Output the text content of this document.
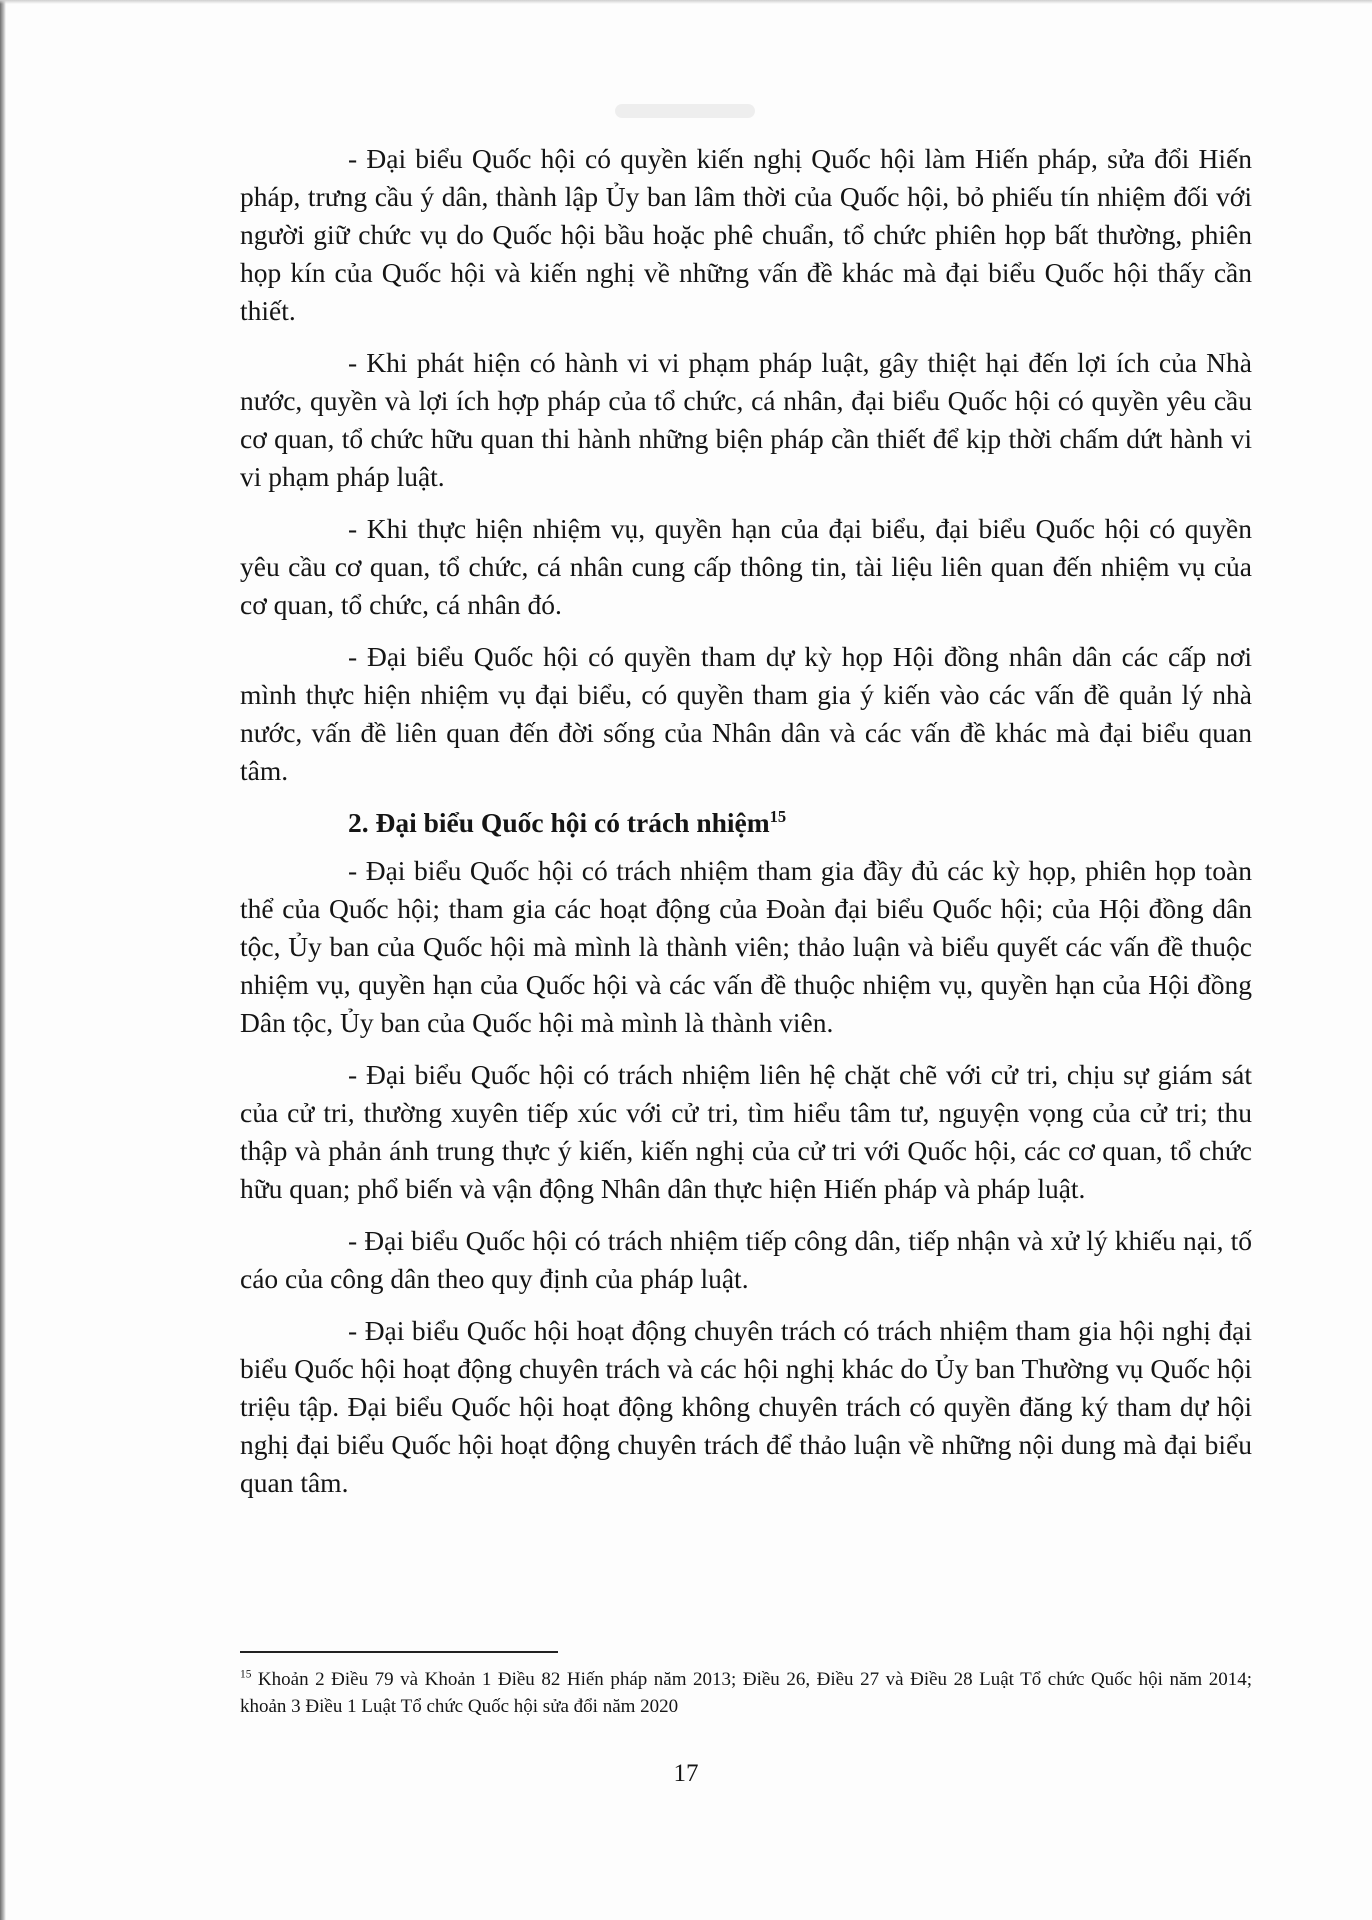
- Đại biểu Quốc hội có quyền kiến nghị Quốc hội làm Hiến pháp, sửa đổi Hiến pháp, trưng cầu ý dân, thành lập Ủy ban lâm thời của Quốc hội, bỏ phiếu tín nhiệm đối với người giữ chức vụ do Quốc hội bầu hoặc phê chuẩn, tổ chức phiên họp bất thường, phiên họp kín của Quốc hội và kiến nghị về những vấn đề khác mà đại biểu Quốc hội thấy cần thiết.

- Khi phát hiện có hành vi vi phạm pháp luật, gây thiệt hại đến lợi ích của Nhà nước, quyền và lợi ích hợp pháp của tổ chức, cá nhân, đại biểu Quốc hội có quyền yêu cầu cơ quan, tổ chức hữu quan thi hành những biện pháp cần thiết để kịp thời chấm dứt hành vi vi phạm pháp luật.

- Khi thực hiện nhiệm vụ, quyền hạn của đại biểu, đại biểu Quốc hội có quyền yêu cầu cơ quan, tổ chức, cá nhân cung cấp thông tin, tài liệu liên quan đến nhiệm vụ của cơ quan, tổ chức, cá nhân đó.

- Đại biểu Quốc hội có quyền tham dự kỳ họp Hội đồng nhân dân các cấp nơi mình thực hiện nhiệm vụ đại biểu, có quyền tham gia ý kiến vào các vấn đề quản lý nhà nước, vấn đề liên quan đến đời sống của Nhân dân và các vấn đề khác mà đại biểu quan tâm.

2. Đại biểu Quốc hội có trách nhiệm$^{15}$

- Đại biểu Quốc hội có trách nhiệm tham gia đầy đủ các kỳ họp, phiên họp toàn thể của Quốc hội; tham gia các hoạt động của Đoàn đại biểu Quốc hội; của Hội đồng dân tộc, Ủy ban của Quốc hội mà mình là thành viên; thảo luận và biểu quyết các vấn đề thuộc nhiệm vụ, quyền hạn của Quốc hội và các vấn đề thuộc nhiệm vụ, quyền hạn của Hội đồng Dân tộc, Ủy ban của Quốc hội mà mình là thành viên.

- Đại biểu Quốc hội có trách nhiệm liên hệ chặt chẽ với cử tri, chịu sự giám sát của cử tri, thường xuyên tiếp xúc với cử tri, tìm hiểu tâm tư, nguyện vọng của cử tri; thu thập và phản ánh trung thực ý kiến, kiến nghị của cử tri với Quốc hội, các cơ quan, tổ chức hữu quan; phổ biến và vận động Nhân dân thực hiện Hiến pháp và pháp luật.

- Đại biểu Quốc hội có trách nhiệm tiếp công dân, tiếp nhận và xử lý khiếu nại, tố cáo của công dân theo quy định của pháp luật.

- Đại biểu Quốc hội hoạt động chuyên trách có trách nhiệm tham gia hội nghị đại biểu Quốc hội hoạt động chuyên trách và các hội nghị khác do Ủy ban Thường vụ Quốc hội triệu tập. Đại biểu Quốc hội hoạt động không chuyên trách có quyền đăng ký tham dự hội nghị đại biểu Quốc hội hoạt động chuyên trách để thảo luận về những nội dung mà đại biểu quan tâm.

$^{15}$ Khoản 2 Điều 79 và Khoản 1 Điều 82 Hiến pháp năm 2013; Điều 26, Điều 27 và Điều 28 Luật Tổ chức Quốc hội năm 2014; khoản 3 Điều 1 Luật Tổ chức Quốc hội sửa đổi năm 2020
17
